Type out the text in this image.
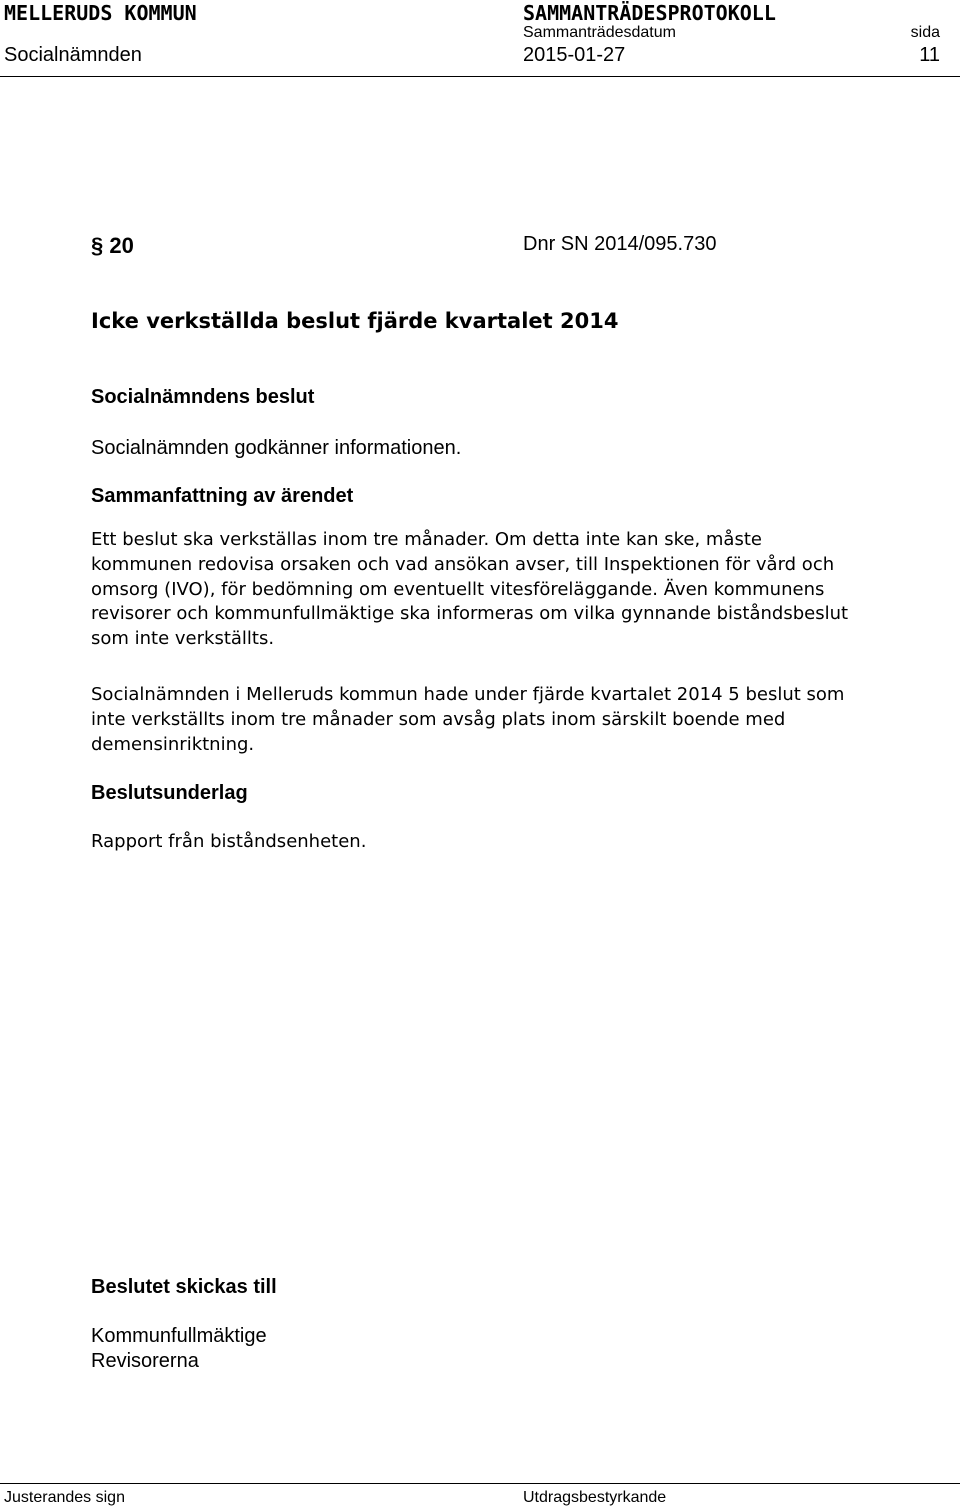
MELLERUDS KOMMUN
Socialnämnden
SAMMANTRÄDESPROTOKOLL
Sammanträdesdatum
2015-01-27
sida
11
§ 20	Dnr SN 2014/095.730
Icke verkställda beslut fjärde kvartalet 2014
Socialnämndens beslut
Socialnämnden godkänner informationen.
Sammanfattning av ärendet
Ett beslut ska verkställas inom tre månader. Om detta inte kan ske, måste
kommunen redovisa orsaken och vad ansökan avser, till Inspektionen för vård och
omsorg (IVO), för bedömning om eventuellt vitesföreläggande. Även kommunens
revisorer och kommunfullmäktige ska informeras om vilka gynnande biståndsbeslut
som inte verkställts.
Socialnämnden i Melleruds kommun hade under fjärde kvartalet 2014 5 beslut som
inte verkställts inom tre månader som avsåg plats inom särskilt boende med
demensinriktning.
Beslutsunderlag
Rapport från biståndsenheten.
Beslutet skickas till
Kommunfullmäktige
Revisorerna
Justerandes sign	Utdragsbestyrkande
